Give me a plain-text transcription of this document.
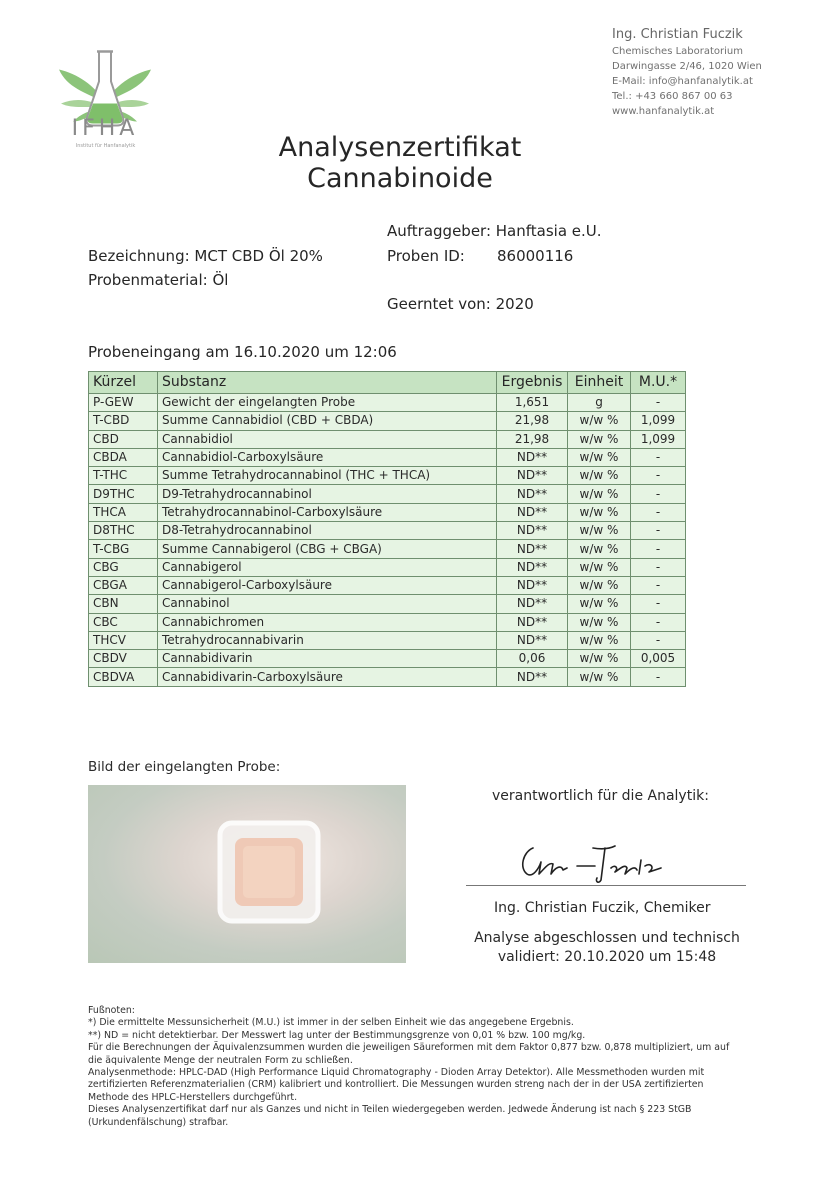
IFHA
Institut für Hanfanalytik
Ing. Christian Fuczik
Chemisches Laboratorium
Darwingasse 2/46, 1020 Wien
E-Mail: info@hanfanalytik.at
Tel.: +43 660 867 00 63
www.hanfanalytik.at
Analysenzertifikat
Cannabinoide
Auftraggeber: Hanftasia e.U.
Bezeichnung: MCT CBD Öl 20%	Proben ID: 86000116
Probenmaterial: Öl
Geerntet von: 2020
Probeneingang am 16.10.2020 um 12:06
Kürzel	Substanz	Ergebnis	Einheit	M.U.*
P-GEW	Gewicht der eingelangten Probe	1,651	g	-
T-CBD	Summe Cannabidiol (CBD + CBDA)	21,98	w/w %	1,099
CBD	Cannabidiol	21,98	w/w %	1,099
CBDA	Cannabidiol-Carboxylsäure	ND**	w/w %	-
T-THC	Summe Tetrahydrocannabinol (THC + THCA)	ND**	w/w %	-
D9THC	D9-Tetrahydrocannabinol	ND**	w/w %	-
THCA	Tetrahydrocannabinol-Carboxylsäure	ND**	w/w %	-
D8THC	D8-Tetrahydrocannabinol	ND**	w/w %	-
T-CBG	Summe Cannabigerol (CBG + CBGA)	ND**	w/w %	-
CBG	Cannabigerol	ND**	w/w %	-
CBGA	Cannabigerol-Carboxylsäure	ND**	w/w %	-
CBN	Cannabinol	ND**	w/w %	-
CBC	Cannabichromen	ND**	w/w %	-
THCV	Tetrahydrocannabivarin	ND**	w/w %	-
CBDV	Cannabidivarin	0,06	w/w %	0,005
CBDVA	Cannabidivarin-Carboxylsäure	ND**	w/w %	-
Bild der eingelangten Probe:
verantwortlich für die Analytik:
Ing. Christian Fuczik, Chemiker
Analyse abgeschlossen und technisch
validiert: 20.10.2020 um 15:48
Fußnoten:
*) Die ermittelte Messunsicherheit (M.U.) ist immer in der selben Einheit wie das angegebene Ergebnis.
**) ND = nicht detektierbar. Der Messwert lag unter der Bestimmungsgrenze von 0,01 % bzw. 100 mg/kg.
Für die Berechnungen der Äquivalenzsummen wurden die jeweiligen Säureformen mit dem Faktor 0,877 bzw. 0,878 multipliziert, um auf
die äquivalente Menge der neutralen Form zu schließen.
Analysenmethode: HPLC-DAD (High Performance Liquid Chromatography - Dioden Array Detektor). Alle Messmethoden wurden mit
zertifizierten Referenzmaterialien (CRM) kalibriert und kontrolliert. Die Messungen wurden streng nach der in der USA zertifizierten
Methode des HPLC-Herstellers durchgeführt.
Dieses Analysenzertifikat darf nur als Ganzes und nicht in Teilen wiedergegeben werden. Jedwede Änderung ist nach § 223 StGB
(Urkundenfälschung) strafbar.
